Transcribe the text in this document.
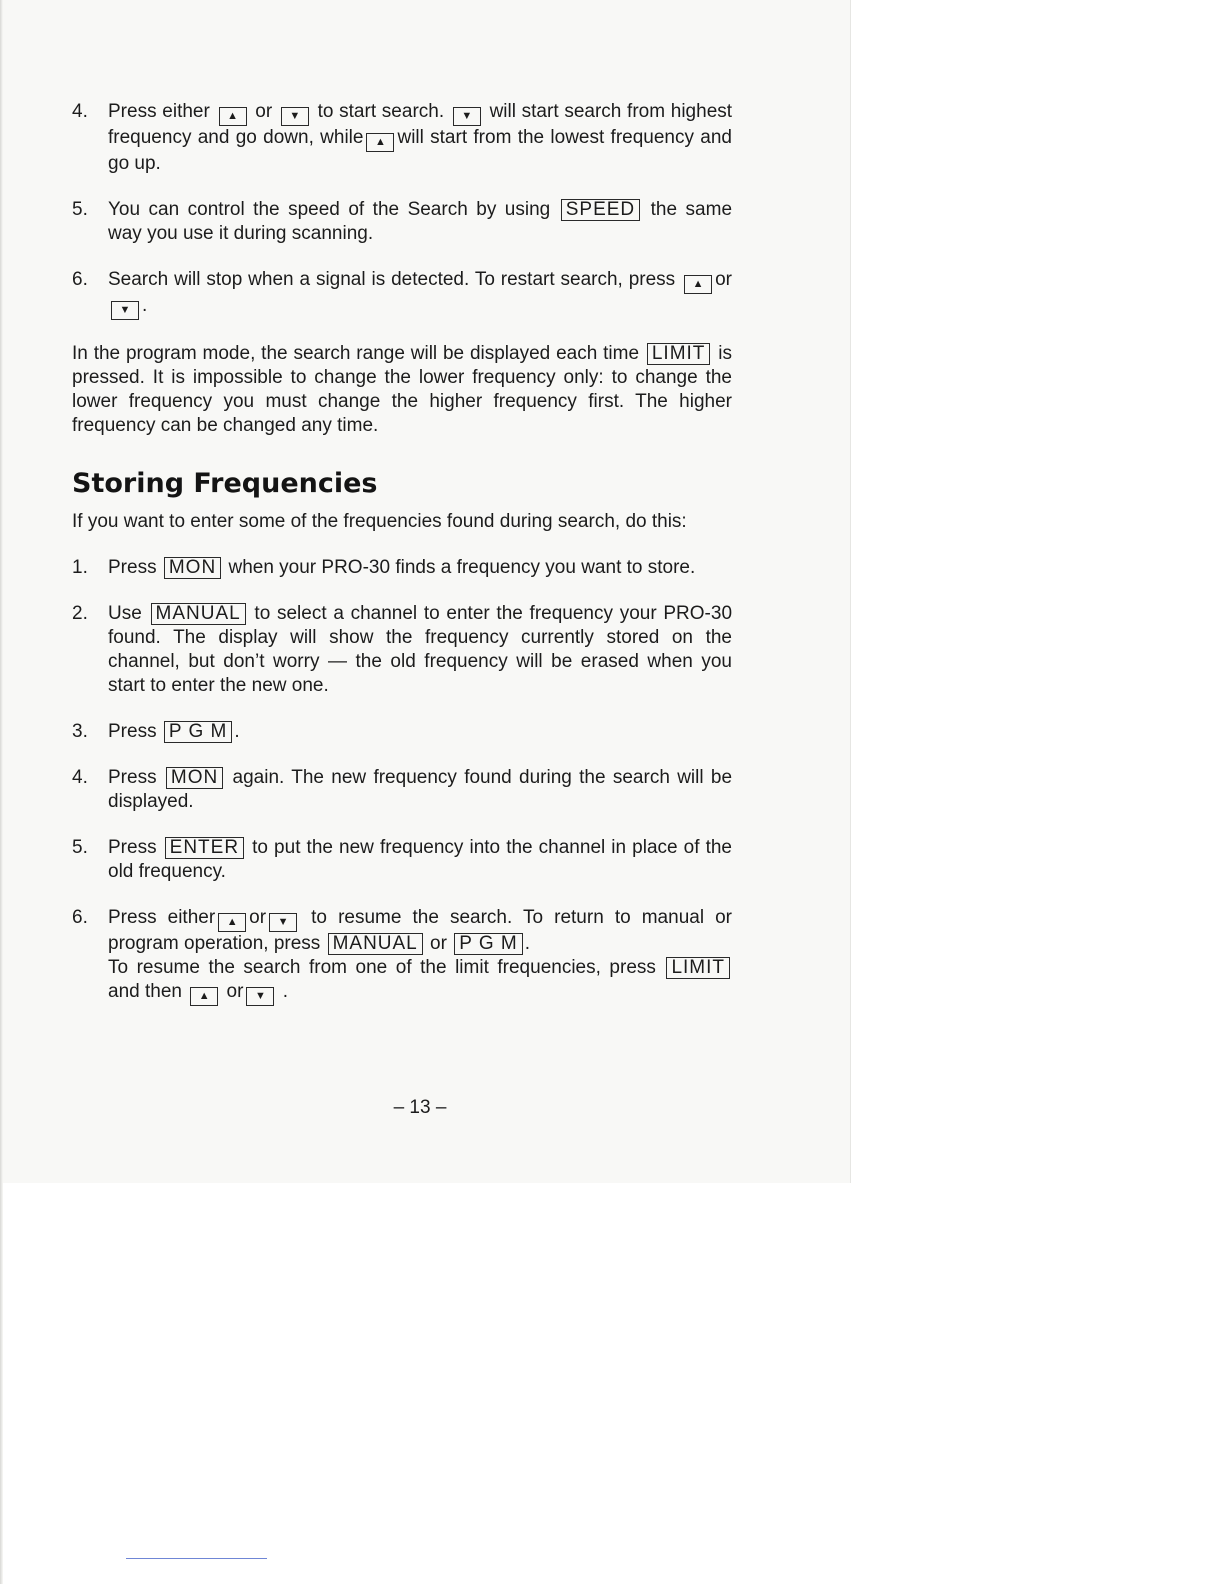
4. Press either ▲ or ▼ to start search. ▼ will start search from highest frequency and go down, while ▲ will start from the lowest frequency and go up.
5. You can control the speed of the Search by using SPEED the same way you use it during scanning.
6. Search will stop when a signal is detected. To restart search, press ▲ or▼ .
In the program mode, the search range will be displayed each time LIMIT is pressed. It is impossible to change the lower frequency only: to change the lower frequency you must change the higher frequency first. The higher frequency can be changed any time.
Storing Frequencies
If you want to enter some of the frequencies found during search, do this:
1. Press MON when your PRO-30 finds a frequency you want to store.
2. Use MANUAL to select a channel to enter the frequency your PRO-30 found. The display will show the frequency currently stored on the channel, but don’t worry — the old frequency will be erased when you start to enter the new one.
3. Press P G M .
4. Press MON again. The new frequency found during the search will be displayed.
5. Press ENTER to put the new frequency into the channel in place of the old frequency.
6. Press either ▲ or ▼ to resume the search. To return to manual or program operation, press MANUAL or P G M .
To resume the search from one of the limit frequencies, press LIMIT and then ▲ or ▼ .
– 13 –
